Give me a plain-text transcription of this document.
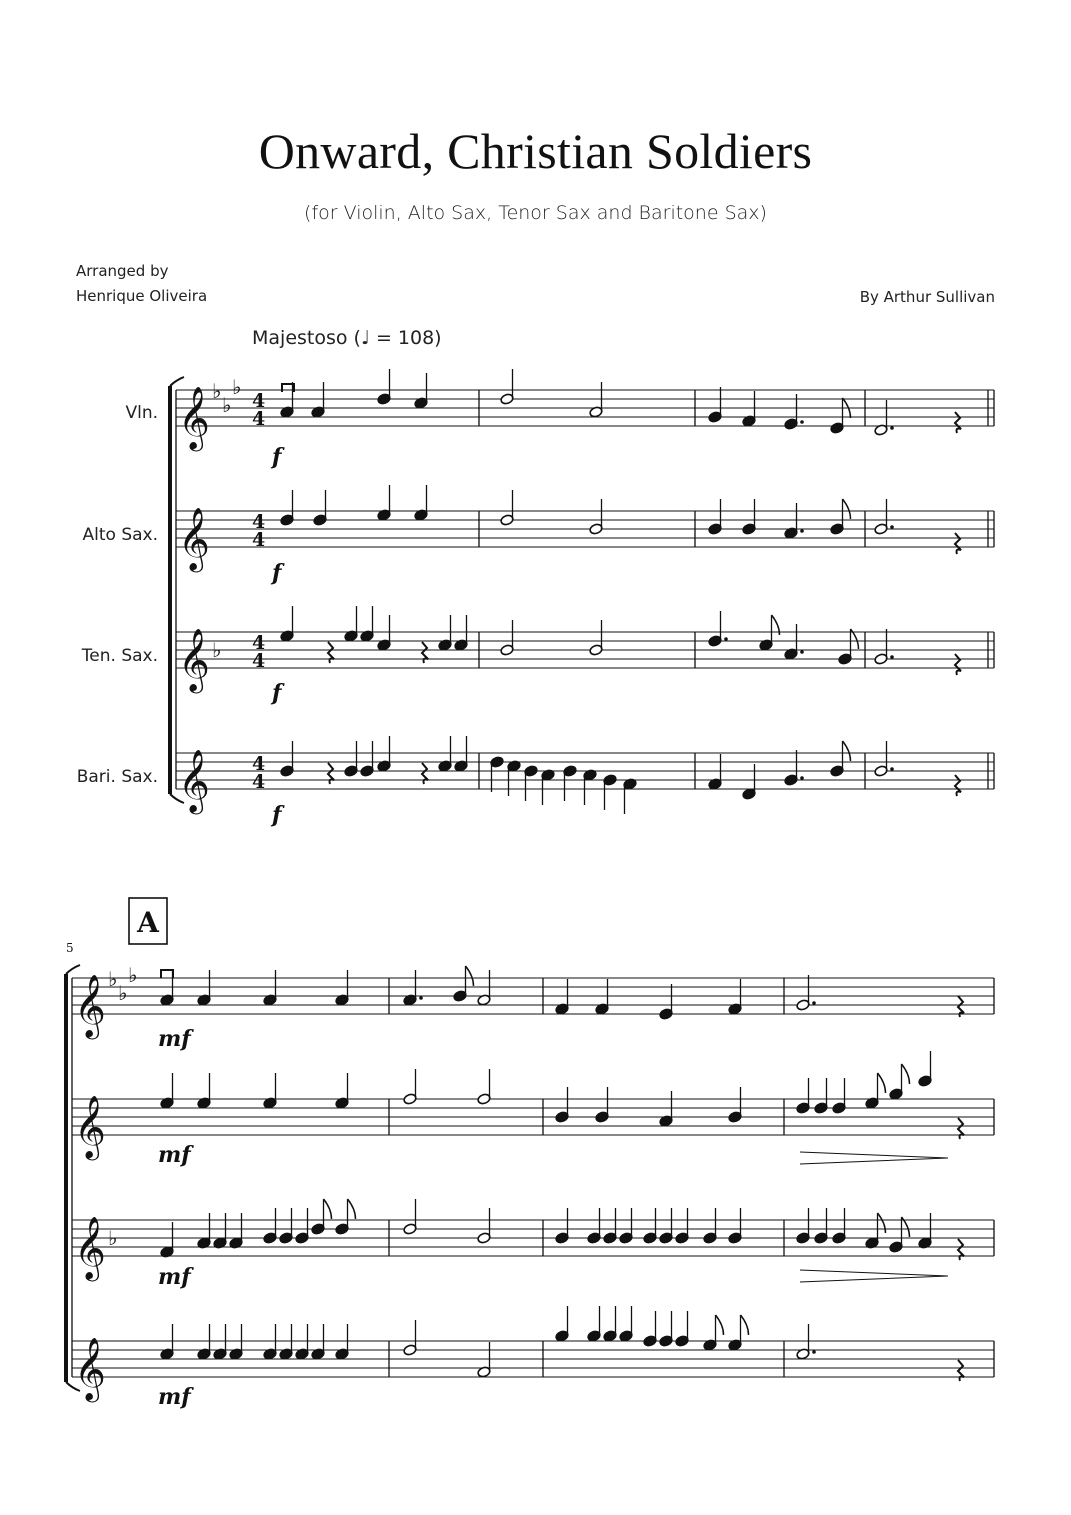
Onward, Christian Soldiers
(for Violin, Alto Sax, Tenor Sax and Baritone Sax)
Arranged by
Henrique Oliveira	By Arthur Sullivan
Majestoso (♩ = 108)
Vln.
Alto Sax.
Ten. Sax.
Bari. Sax.
A
5
𝄞
𝄞
𝄞
𝄞
𝄞
𝄞
𝄞
𝄞
♭
♭
♭
♭
♭
♭
♭
♭
4
4
4
4
4
4
4
4
f
f
f
f
mf
mf
mf
mf
